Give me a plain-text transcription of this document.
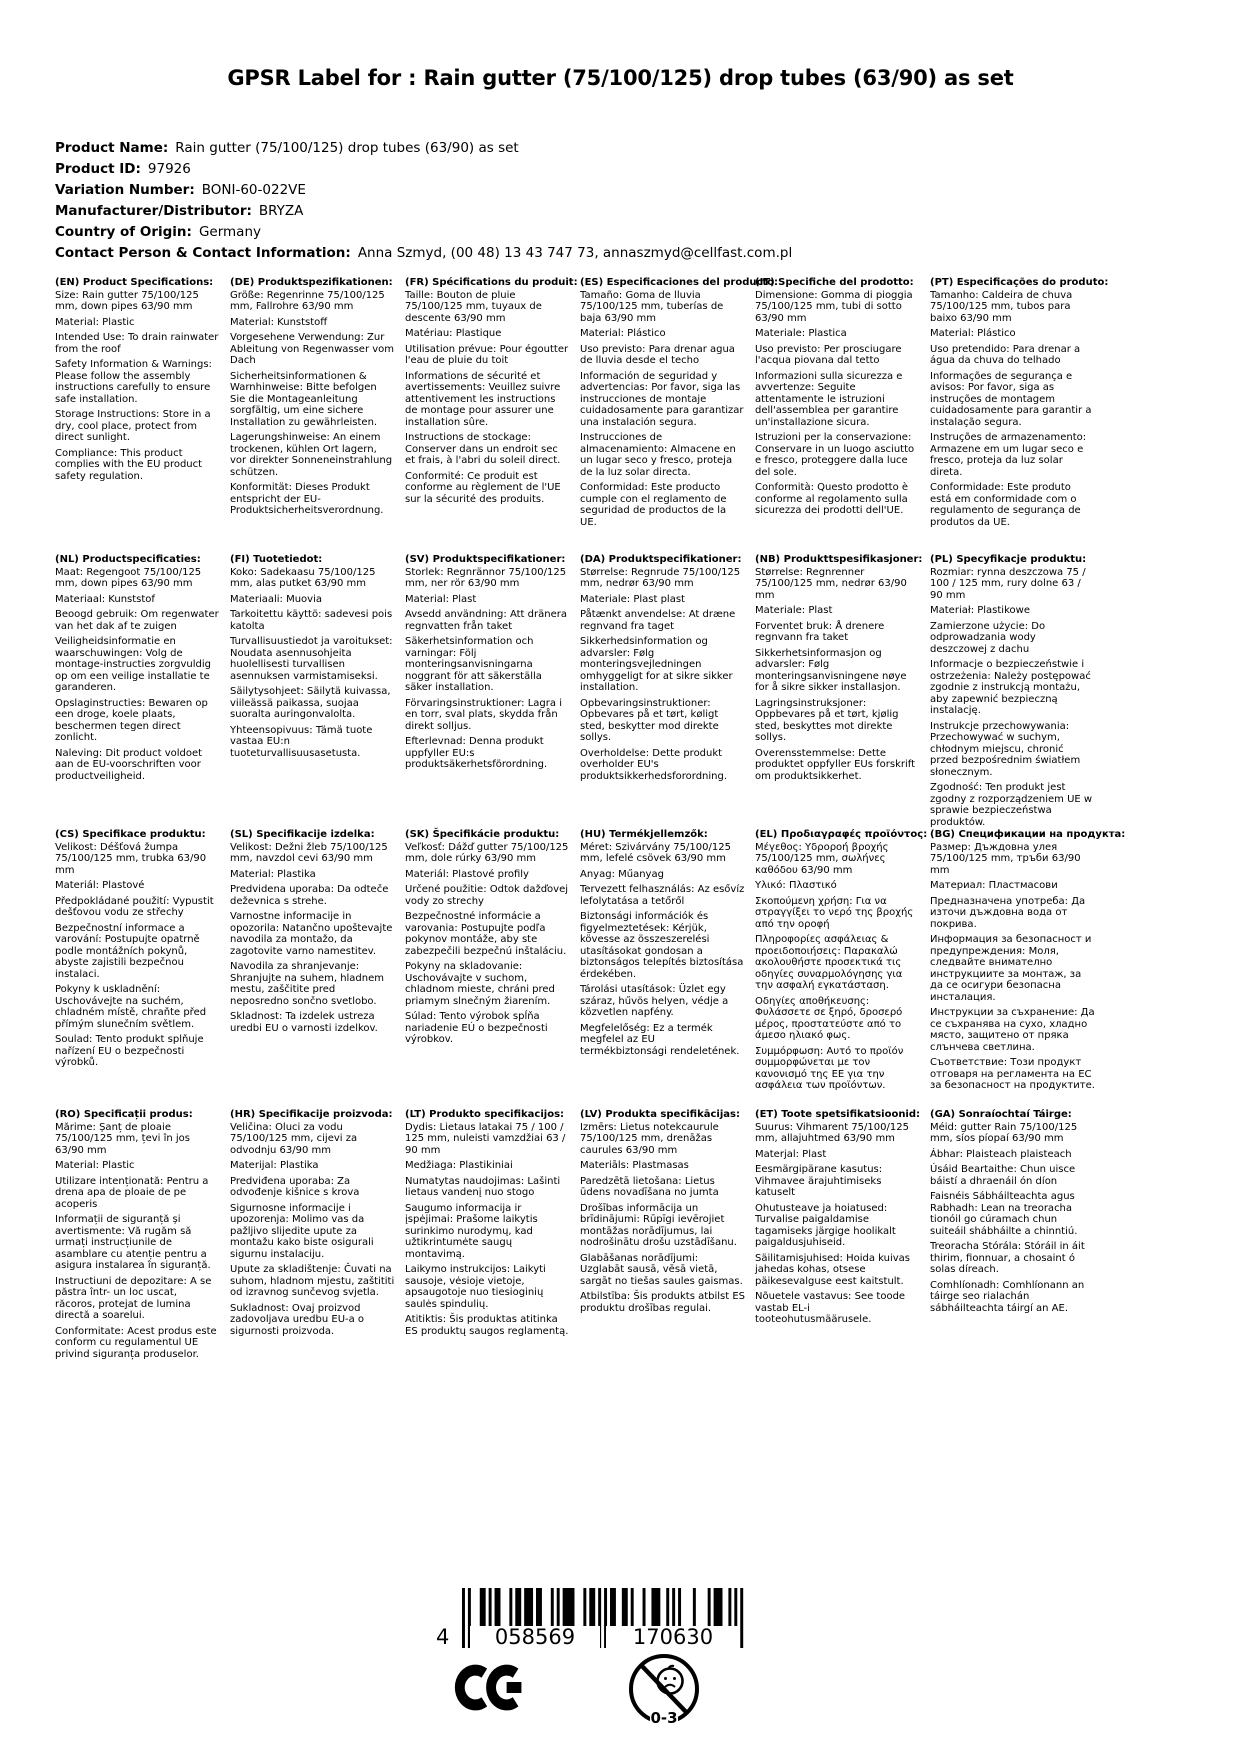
GPSR Label for : Rain gutter (75/100/125) drop tubes (63/90) as set
Product Name: Rain gutter (75/100/125) drop tubes (63/90) as set
Product ID: 97926
Variation Number: BONI-60-022VE
Manufacturer/Distributor: BRYZA
Country of Origin: Germany
Contact Person & Contact Information: Anna Szmyd, (00 48) 13 43 747 73, annaszmyd@cellfast.com.pl
(EN) Product Specifications:

Size: Rain gutter 75/100/125 mm, down pipes 63/90 mm

Material: Plastic

Intended Use: To drain rainwater from the roof

Safety Information & Warnings: Please follow the assembly instructions carefully to ensure safe installation.

Storage Instructions: Store in a dry, cool place, protect from direct sunlight.

Compliance: This product complies with the EU product safety regulation.

(DE) Produktspezifikationen:

Größe: Regenrinne 75/100/125 mm, Fallrohre 63/90 mm

Material: Kunststoff

Vorgesehene Verwendung: Zur Ableitung von Regenwasser vom Dach

Sicherheitsinformationen & Warnhinweise: Bitte befolgen Sie die Montageanleitung sorgfältig, um eine sichere Installation zu gewährleisten.

Lagerungshinweise: An einem trockenen, kühlen Ort lagern, vor direkter Sonneneinstrahlung schützen.

Konformität: Dieses Produkt entspricht der EU-Produktsicherheitsverordnung.

(FR) Spécifications du produit:

Taille: Bouton de pluie 75/100/125 mm, tuyaux de descente 63/90 mm

Matériau: Plastique

Utilisation prévue: Pour égoutter l'eau de pluie du toit

Informations de sécurité et avertissements: Veuillez suivre attentivement les instructions de montage pour assurer une installation sûre.

Instructions de stockage: Conserver dans un endroit sec et frais, à l'abri du soleil direct.

Conformité: Ce produit est conforme au règlement de l'UE sur la sécurité des produits.

(ES) Especificaciones del producto:

Tamaño: Goma de lluvia 75/100/125 mm, tuberías de baja 63/90 mm

Material: Plástico

Uso previsto: Para drenar agua de lluvia desde el techo

Información de seguridad y advertencias: Por favor, siga las instrucciones de montaje cuidadosamente para garantizar una instalación segura.

Instrucciones de almacenamiento: Almacene en un lugar seco y fresco, proteja de la luz solar directa.

Conformidad: Este producto cumple con el reglamento de seguridad de productos de la UE.

(IT) Specifiche del prodotto:

Dimensione: Gomma di pioggia 75/100/125 mm, tubi di sotto 63/90 mm

Materiale: Plastica

Uso previsto: Per prosciugare l'acqua piovana dal tetto

Informazioni sulla sicurezza e avvertenze: Seguite attentamente le istruzioni dell'assemblea per garantire un'installazione sicura.

Istruzioni per la conservazione: Conservare in un luogo asciutto e fresco, proteggere dalla luce del sole.

Conformità: Questo prodotto è conforme al regolamento sulla sicurezza dei prodotti dell'UE.

(PT) Especificações do produto:

Tamanho: Caldeira de chuva 75/100/125 mm, tubos para baixo 63/90 mm

Material: Plástico

Uso pretendido: Para drenar a água da chuva do telhado

Informações de segurança e avisos: Por favor, siga as instruções de montagem cuidadosamente para garantir a instalação segura.

Instruções de armazenamento: Armazene em um lugar seco e fresco, proteja da luz solar direta.

Conformidade: Este produto está em conformidade com o regulamento de segurança de produtos da UE.

(NL) Productspecificaties:

Maat: Regengoot 75/100/125 mm, down pipes 63/90 mm

Materiaal: Kunststof

Beoogd gebruik: Om regenwater van het dak af te zuigen

Veiligheidsinformatie en waarschuwingen: Volg de montage-instructies zorgvuldig op om een veilige installatie te garanderen.

Opslaginstructies: Bewaren op een droge, koele plaats, beschermen tegen direct zonlicht.

Naleving: Dit product voldoet aan de EU-voorschriften voor productveiligheid.

(FI) Tuotetiedot:

Koko: Sadekaasu 75/100/125 mm, alas putket 63/90 mm

Materiaali: Muovia

Tarkoitettu käyttö: sadevesi pois katolta

Turvallisuustiedot ja varoitukset: Noudata asennusohjeita huolellisesti turvallisen asennuksen varmistamiseksi.

Säilytysohjeet: Säilytä kuivassa, viileässä paikassa, suojaa suoralta auringonvalolta.

Yhteensopivuus: Tämä tuote vastaa EU:n tuoteturvallisuusasetusta.

(SV) Produktspecifikationer:

Storlek: Regnrännor 75/100/125 mm, ner rör 63/90 mm

Material: Plast

Avsedd användning: Att dränera regnvatten från taket

Säkerhetsinformation och varningar: Följ monteringsanvisningarna noggrant för att säkerställa säker installation.

Förvaringsinstruktioner: Lagra i en torr, sval plats, skydda från direkt solljus.

Efterlevnad: Denna produkt uppfyller EU:s produktsäkerhetsförordning.

(DA) Produktspecifikationer:

Størrelse: Regnrude 75/100/125 mm, nedrør 63/90 mm

Materiale: Plast plast

Påtænkt anvendelse: At dræne regnvand fra taget

Sikkerhedsinformation og advarsler: Følg monteringsvejledningen omhyggeligt for at sikre sikker installation.

Opbevaringsinstruktioner: Opbevares på et tørt, køligt sted, beskytter mod direkte sollys.

Overholdelse: Dette produkt overholder EU's produktsikkerhedsforordning.

(NB) Produkttspesifikasjoner:

Størrelse: Regnrenner 75/100/125 mm, nedrør 63/90 mm

Materiale: Plast

Forventet bruk: Å drenere regnvann fra taket

Sikkerhetsinformasjon og advarsler: Følg monteringsanvisningene nøye for å sikre sikker installasjon.

Lagringsinstruksjoner: Oppbevares på et tørt, kjølig sted, beskyttes mot direkte sollys.

Overensstemmelse: Dette produktet oppfyller EUs forskrift om produktsikkerhet.

(PL) Specyfikacje produktu:

Rozmiar: rynna deszczowa 75 / 100 / 125 mm, rury dolne 63 / 90 mm

Materiał: Plastikowe

Zamierzone użycie: Do odprowadzania wody deszczowej z dachu

Informacje o bezpieczeństwie i ostrzeżenia: Należy postępować zgodnie z instrukcją montażu, aby zapewnić bezpieczną instalację.

Instrukcje przechowywania: Przechowywać w suchym, chłodnym miejscu, chronić przed bezpośrednim światłem słonecznym.

Zgodność: Ten produkt jest zgodny z rozporządzeniem UE w sprawie bezpieczeństwa produktów.

(CS) Specifikace produktu:

Velikost: Déšťová žumpa 75/100/125 mm, trubka 63/90 mm

Materiál: Plastové

Předpokládané použití: Vypustit dešťovou vodu ze střechy

Bezpečnostní informace a varování: Postupujte opatrně podle montážních pokynů, abyste zajistili bezpečnou instalaci.

Pokyny k uskladnění: Uschovávejte na suchém, chladném místě, chraňte před přímým slunečním světlem.

Soulad: Tento produkt splňuje nařízení EU o bezpečnosti výrobků.

(SL) Specifikacije izdelka:

Velikost: Dežni žleb 75/100/125 mm, navzdol cevi 63/90 mm

Material: Plastika

Predvidena uporaba: Da odteče deževnica s strehe.

Varnostne informacije in opozorila: Natančno upoštevajte navodila za montažo, da zagotovite varno namestitev.

Navodila za shranjevanje: Shranjujte na suhem, hladnem mestu, zaščitite pred neposredno sončno svetlobo.

Skladnost: Ta izdelek ustreza uredbi EU o varnosti izdelkov.

(SK) Špecifikácie produktu:

Veľkosť: Dážď gutter 75/100/125 mm, dole rúrky 63/90 mm

Materiál: Plastové profily

Určené použitie: Odtok dažďovej vody zo strechy

Bezpečnostné informácie a varovania: Postupujte podľa pokynov montáže, aby ste zabezpečili bezpečnú inštaláciu.

Pokyny na skladovanie: Uschovávajte v suchom, chladnom mieste, chráni pred priamym slnečným žiarením.

Súlad: Tento výrobok spĺňa nariadenie EÚ o bezpečnosti výrobkov.

(HU) Termékjellemzők:

Méret: Szivárvány 75/100/125 mm, lefelé csövek 63/90 mm

Anyag: Műanyag

Tervezett felhasználás: Az esővíz lefolytatása a tetőről

Biztonsági információk és figyelmeztetések: Kérjük, kövesse az összeszerelési utasításokat gondosan a biztonságos telepítés biztosítása érdekében.

Tárolási utasítások: Üzlet egy száraz, hűvös helyen, védje a közvetlen napfény.

Megfelelőség: Ez a termék megfelel az EU termékbiztonsági rendeletének.

(EL) Προδιαγραφές προϊόντος:

Μέγεθος: Υδρoρoή βροχής 75/100/125 mm, σωλήνες καθόδου 63/90 mm

Υλικό: Πλαστικό

Σκοπούμενη χρήση: Για να στραγγίξει το νερό της βροχής από την οροφή

Πληροφορίες ασφάλειας & προειδοποιήσεις: Παρακαλώ ακολουθήστε προσεκτικά τις οδηγίες συναρμολόγησης για την ασφαλή εγκατάσταση.

Οδηγίες αποθήκευσης: Φυλάσσετε σε ξηρό, δροσερό μέρος, προστατεύστε από το άμεσο ηλιακό φως.

Συμμόρφωση: Αυτό το προϊόν συμμορφώνεται με τον κανονισμό της ΕΕ για την ασφάλεια των προϊόντων.

(BG) Спецификации на продукта:

Размер: Дъждовна улея 75/100/125 mm, тръби 63/90 mm

Материал: Пластмасови

Предназначена употреба: Да източи дъждовна вода от покрива.

Информация за безопасност и предупреждения: Моля, следвайте внимателно инструкциите за монтаж, за да се осигури безопасна инсталация.

Инструкции за съхранение: Да се съхранява на сухо, хладно място, защитено от пряка слънчева светлина.

Съответствие: Този продукт отговаря на регламента на ЕС за безопасност на продуктите.

(RO) Specificații produs:

Mărime: Șanț de ploaie 75/100/125 mm, țevi în jos 63/90 mm

Material: Plastic

Utilizare intenționată: Pentru a drena apa de ploaie de pe acoperis

Informații de siguranță și avertismente: Vă rugăm să urmați instrucțiunile de asamblare cu atenție pentru a asigura instalarea în siguranță.

Instructiuni de depozitare: A se păstra într- un loc uscat, răcoros, protejat de lumina directă a soarelui.

Conformitate: Acest produs este conform cu regulamentul UE privind siguranța produselor.

(HR) Specifikacije proizvoda:

Veličina: Oluci za vodu 75/100/125 mm, cijevi za odvodnju 63/90 mm

Materijal: Plastika

Predviđena uporaba: Za odvođenje kišnice s krova

Sigurnosne informacije i upozorenja: Molimo vas da pažljivo slijedite upute za montažu kako biste osigurali sigurnu instalaciju.

Upute za skladištenje: Čuvati na suhom, hladnom mjestu, zaštititi od izravnog sunčevog svjetla.

Sukladnost: Ovaj proizvod zadovoljava uredbu EU-a o sigurnosti proizvoda.

(LT) Produkto specifikacijos:

Dydis: Lietaus latakai 75 / 100 / 125 mm, nuleisti vamzdžiai 63 / 90 mm

Medžiaga: Plastikiniai

Numatytas naudojimas: Lašinti lietaus vandenį nuo stogo

Saugumo informacija ir įspėjimai: Prašome laikytis surinkimo nurodymų, kad užtikrintumėte saugų montavimą.

Laikymo instrukcijos: Laikyti sausoje, vėsioje vietoje, apsaugotoje nuo tiesioginių saulės spindulių.

Atitiktis: Šis produktas atitinka ES produktų saugos reglamentą.

(LV) Produkta specifikācijas:

Izmērs: Lietus notekcaurule 75/100/125 mm, drenāžas caurules 63/90 mm

Materiāls: Plastmasas

Paredzētā lietošana: Lietus ūdens novadīšana no jumta

Drošības informācija un brīdinājumi: Rūpīgi ievērojiet montāžas norādījumus, lai nodrošinātu drošu uzstādīšanu.

Glabāšanas norādījumi: Uzglabāt sausā, vēsā vietā, sargāt no tiešas saules gaismas.

Atbilstība: Šis produkts atbilst ES produktu drošības regulai.

(ET) Toote spetsifikatsioonid:

Suurus: Vihmarent 75/100/125 mm, allajuhtmed 63/90 mm

Materjal: Plast

Eesmärgipärane kasutus: Vihmavee ärajuhtimiseks katuselt

Ohutusteave ja hoiatused: Turvalise paigaldamise tagamiseks järgige hoolikalt paigaldusjuhiseid.

Säilitamisjuhised: Hoida kuivas jahedas kohas, otsese päikesevalguse eest kaitstult.

Nõuetele vastavus: See toode vastab EL-i tooteohutusmäärusele.

(GA) Sonraíochtaí Táirge:

Méid: gutter Rain 75/100/125 mm, síos píopaí 63/90 mm

Ábhar: Plaisteach plaisteach

Úsáid Beartaithe: Chun uisce báistí a dhraenáil ón díon

Faisnéis Sábháilteachta agus Rabhadh: Lean na treoracha tionóil go cúramach chun suiteáil shábháilte a chinntiú.

Treoracha Stórála: Stóráil in áit thirim, fionnuar, a chosaint ó solas díreach.

Comhlíonadh: Comhlíonann an táirge seo rialachán sábháilteachta táirgí an AE.

4	058569	170630
0-3
